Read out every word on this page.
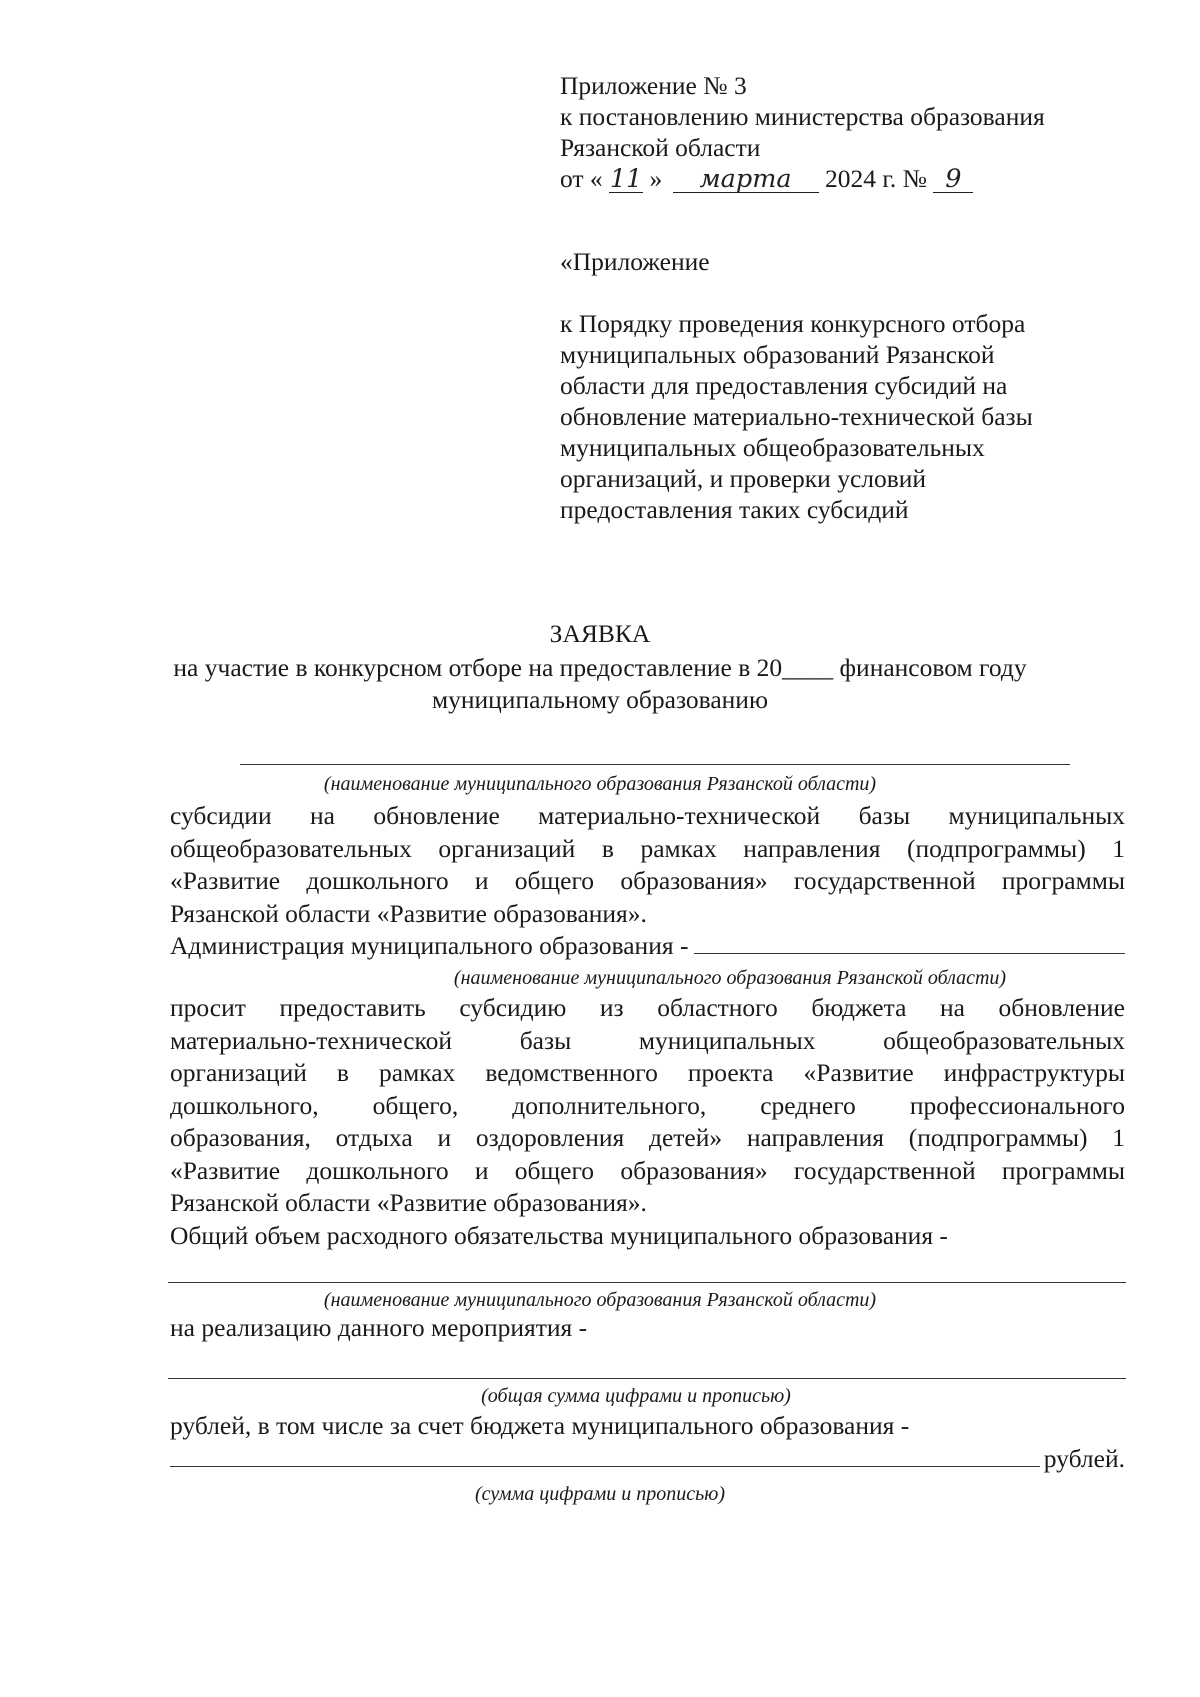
Приложение № 3
к постановлению министерства образования
Рязанской области
от « 11 » марта 2024 г. № 9
«Приложение
к Порядку проведения конкурсного отбора
муниципальных образований Рязанской
области для предоставления субсидий на
обновление материально-технической базы
муниципальных общеобразовательных
организаций, и проверки условий
предоставления таких субсидий
ЗАЯВКА
на участие в конкурсном отборе на предоставление в 20____ финансовом году
муниципальному образованию
(наименование муниципального образования Рязанской области)
субсидии на обновление материально-технической базы муниципальных
общеобразовательных организаций в рамках направления (подпрограммы) 1
«Развитие дошкольного и общего образования» государственной программы
Рязанской области «Развитие образования».
Администрация муниципального образования -
(наименование муниципального образования Рязанской области)
просит предоставить субсидию из областного бюджета на обновление
материально-технической базы муниципальных общеобразовательных
организаций в рамках ведомственного проекта «Развитие инфраструктуры
дошкольного, общего, дополнительного, среднего профессионального
образования, отдыха и оздоровления детей» направления (подпрограммы) 1
«Развитие дошкольного и общего образования» государственной программы
Рязанской области «Развитие образования».
Общий объем расходного обязательства муниципального образования -
(наименование муниципального образования Рязанской области)
на реализацию данного мероприятия -
(общая сумма цифрами и прописью)
рублей, в том числе за счет бюджета муниципального образования -
рублей.
(сумма цифрами и прописью)
